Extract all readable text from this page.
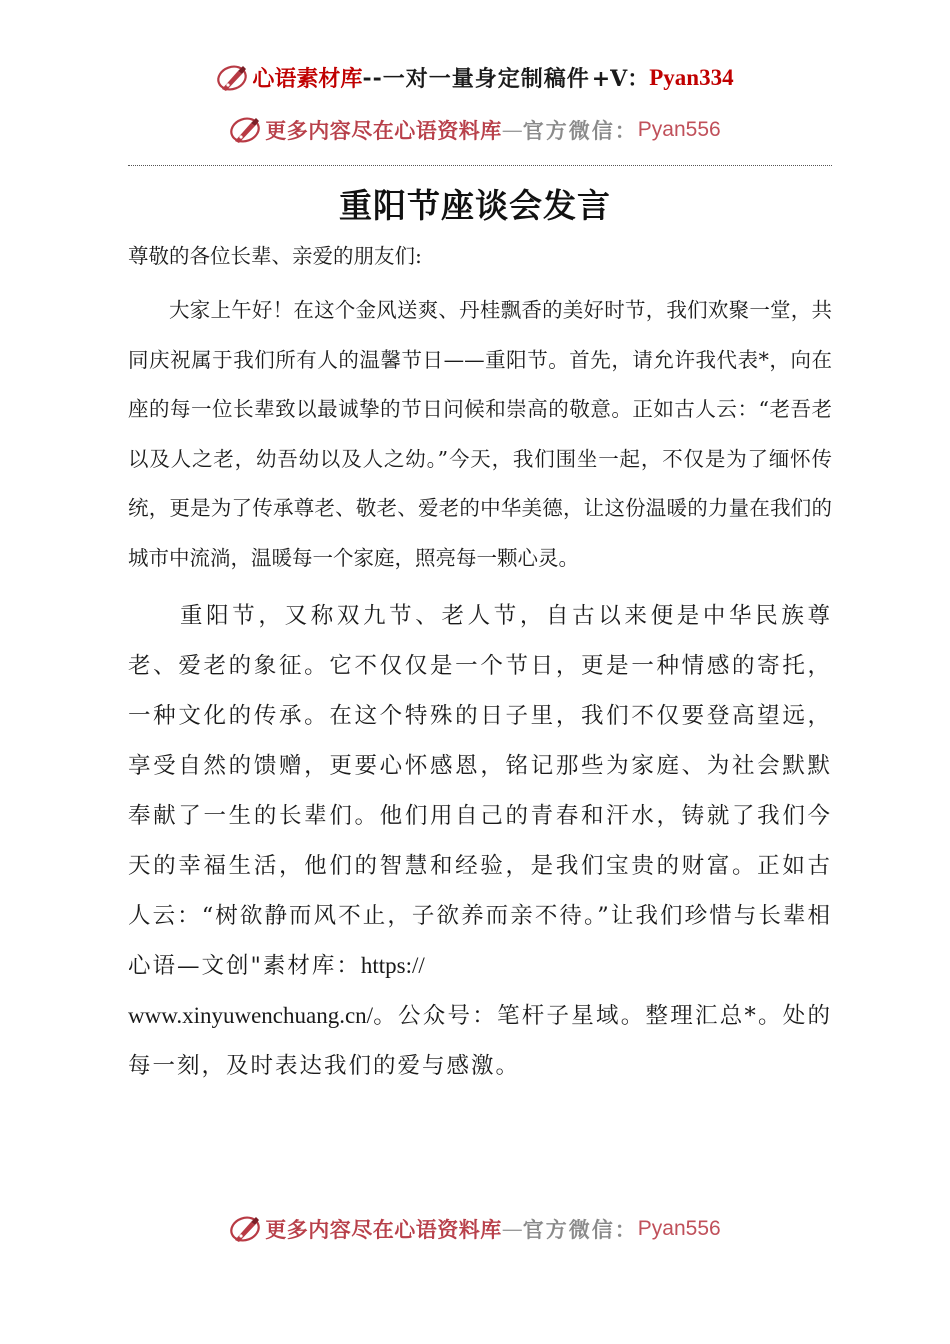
心语素材库 -- 一对一量身定制稿件 +V： Pyan334
更多内容尽在心语资料库 — 官方微信： Pyan556
重阳节座谈会发言

尊敬的各位长辈、亲爱的朋友们:

大家上午好！在这个金风送爽、丹桂飘香的美好时节，我们欢聚一堂，共同庆祝属于我们所有人的温馨节日——重阳节。首先，请允许我代表*，向在座的每一位长辈致以最诚挚的节日问候和崇高的敬意。正如古人云：“老吾老以及人之老，幼吾幼以及人之幼。”今天，我们围坐一起，不仅是为了缅怀传统，更是为了传承尊老、敬老、爱老的中华美德，让这份温暖的力量在我们的城市中流淌，温暖每一个家庭，照亮每一颗心灵。

重阳节，又称双九节、老人节，自古以来便是中华民族尊老、爱老的象征。它不仅仅是一个节日，更是一种情感的寄托，一种文化的传承。在这个特殊的日子里，我们不仅要登高望远，享受自然的馈赠，更要心怀感恩，铭记那些为家庭、为社会默默奉献了一生的长辈们。他们用自己的青春和汗水，铸就了我们今天的幸福生活，他们的智慧和经验，是我们宝贵的财富。正如古人云：“树欲静而风不止，子欲养而亲不待。”让我们珍惜与长辈相心语—文创"素材库：https://
www.xinyuwenchuang.cn/。公众号：笔杆子星域。整理汇总*。处的每一刻，及时表达我们的爱与感激。

更多内容尽在心语资料库 — 官方微信： Pyan556
